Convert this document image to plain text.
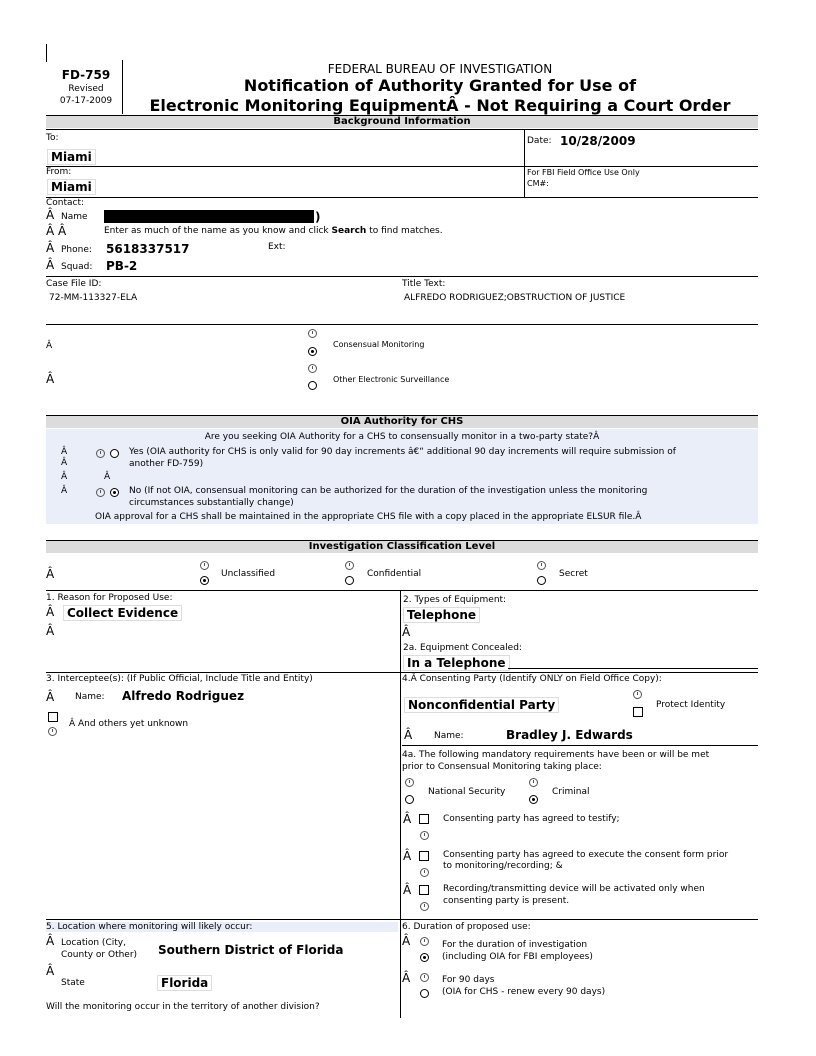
FD-759
Revised
07-17-2009
FEDERAL BUREAU OF INVESTIGATION
Notification of Authority Granted for Use of
Electronic Monitoring EquipmentÂ - Not Requiring a Court Order
Background Information
To:
Miami
Date: 10/28/2009
From:
Miami
For FBI Field Office Use Only
CM#:
Contact:
Â Name	)
Â Â	Enter as much of the name as you know and click Search to find matches.
Â Phone: 5618337517	Ext:
Â Squad: PB-2
Case File ID:
72-MM-113327-ELA
Title Text:
ALFREDO RODRIGUEZ;OBSTRUCTION OF JUSTICE
Â	Consensual Monitoring
Â	Other Electronic Surveillance
OIA Authority for CHS
Are you seeking OIA Authority for a CHS to consensually monitor in a two-party state?Â
Â
Â
Yes (OIA authority for CHS is only valid for 90 day increments â€“ additional 90 day increments will require submission of
another FD-759)
Â	Â
Â	No (If not OIA, consensual monitoring can be authorized for the duration of the investigation unless the monitoring
circumstances substantially change)
OIA approval for a CHS shall be maintained in the appropriate CHS file with a copy placed in the appropriate ELSUR file.Â
Investigation Classification Level
Â	Unclassified	Confidential	Secret
1. Reason for Proposed Use:
Â	Collect Evidence
Â
2. Types of Equipment:
Telephone
Â
2a. Equipment Concealed:
In a Telephone
3. Interceptee(s): (If Public Official, Include Title and Entity)
Â Name: Alfredo Rodriguez
Â And others yet unknown
4.Â Consenting Party (Identify ONLY on Field Office Copy):
Nonconfidential Party	Protect Identity
Â Name:	Bradley J. Edwards
4a. The following mandatory requirements have been or will be met
prior to Consensual Monitoring taking place:
National Security	Criminal
Â	Consenting party has agreed to testify;
Â	Consenting party has agreed to execute the consent form prior
to monitoring/recording; &
Â	Recording/transmitting device will be activated only when
consenting party is present.
5. Location where monitoring will likely occur:
Â Location (City,
County or Other) Southern District of Florida
Â
State	Florida
Will the monitoring occur in the territory of another division?
6. Duration of proposed use:
Â	For the duration of investigation
(including OIA for FBI employees)
Â	For 90 days
(OIA for CHS - renew every 90 days)
